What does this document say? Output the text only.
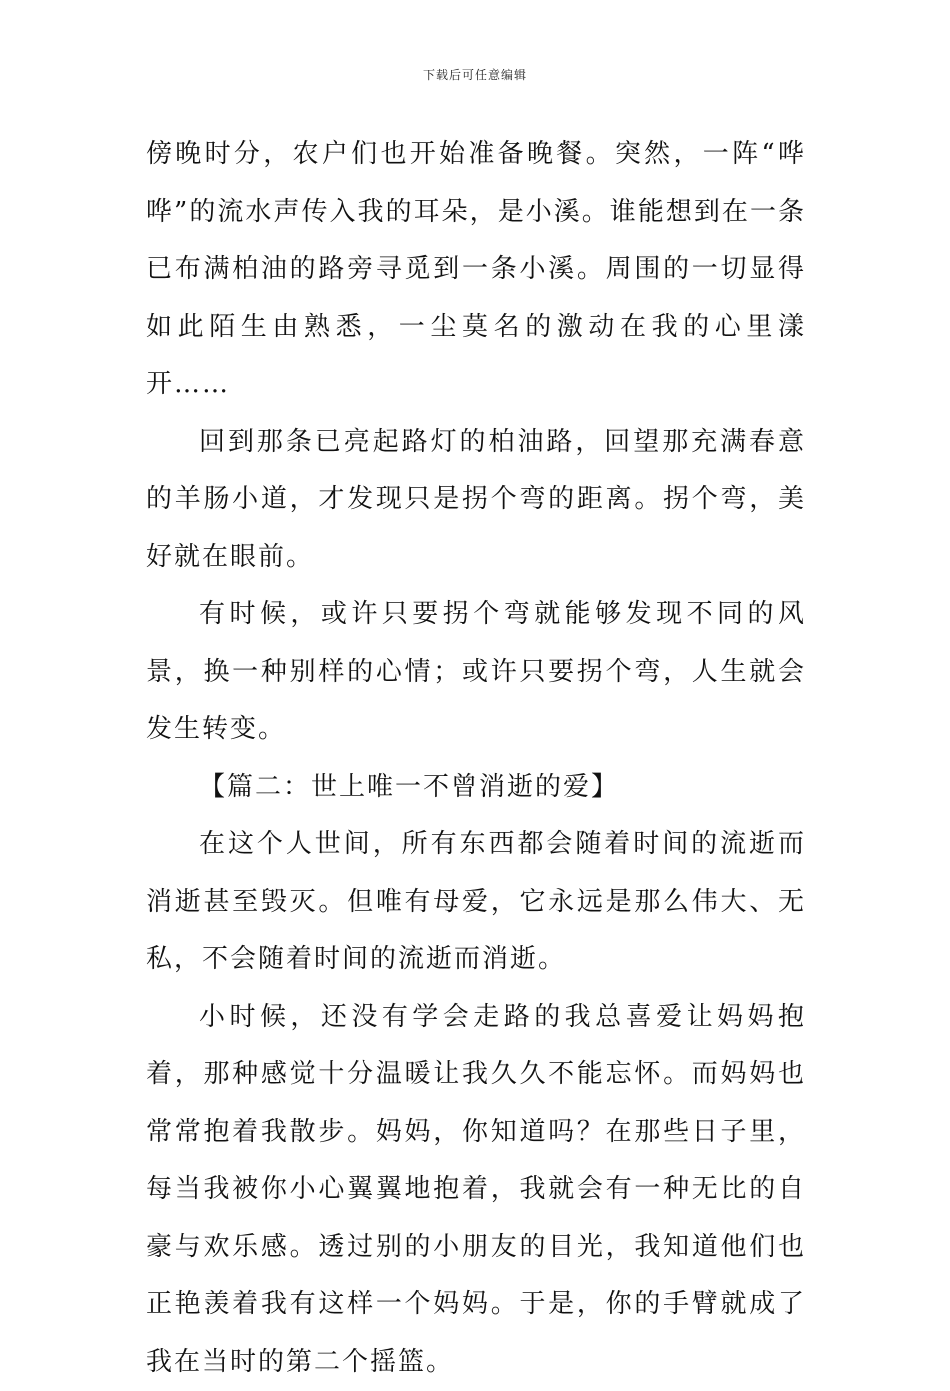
下载后可任意编辑

傍晚时分，农户们也开始准备晚餐。突然，一阵“哗哗”的流水声传入我的耳朵，是小溪。谁能想到在一条已布满柏油的路旁寻觅到一条小溪。周围的一切显得如此陌生由熟悉，一尘莫名的激动在我的心里漾开……

回到那条已亮起路灯的柏油路，回望那充满春意的羊肠小道，才发现只是拐个弯的距离。拐个弯，美好就在眼前。

有时候，或许只要拐个弯就能够发现不同的风景，换一种别样的心情；或许只要拐个弯，人生就会发生转变。

【篇二：世上唯一不曾消逝的爱】

在这个人世间，所有东西都会随着时间的流逝而消逝甚至毁灭。但唯有母爱，它永远是那么伟大、无私，不会随着时间的流逝而消逝。

小时候，还没有学会走路的我总喜爱让妈妈抱着，那种感觉十分温暖让我久久不能忘怀。而妈妈也常常抱着我散步。妈妈，你知道吗？在那些日子里，每当我被你小心翼翼地抱着，我就会有一种无比的自豪与欢乐感。透过别的小朋友的目光，我知道他们也正艳羡着我有这样一个妈妈。于是，你的手臂就成了我在当时的第二个摇篮。
